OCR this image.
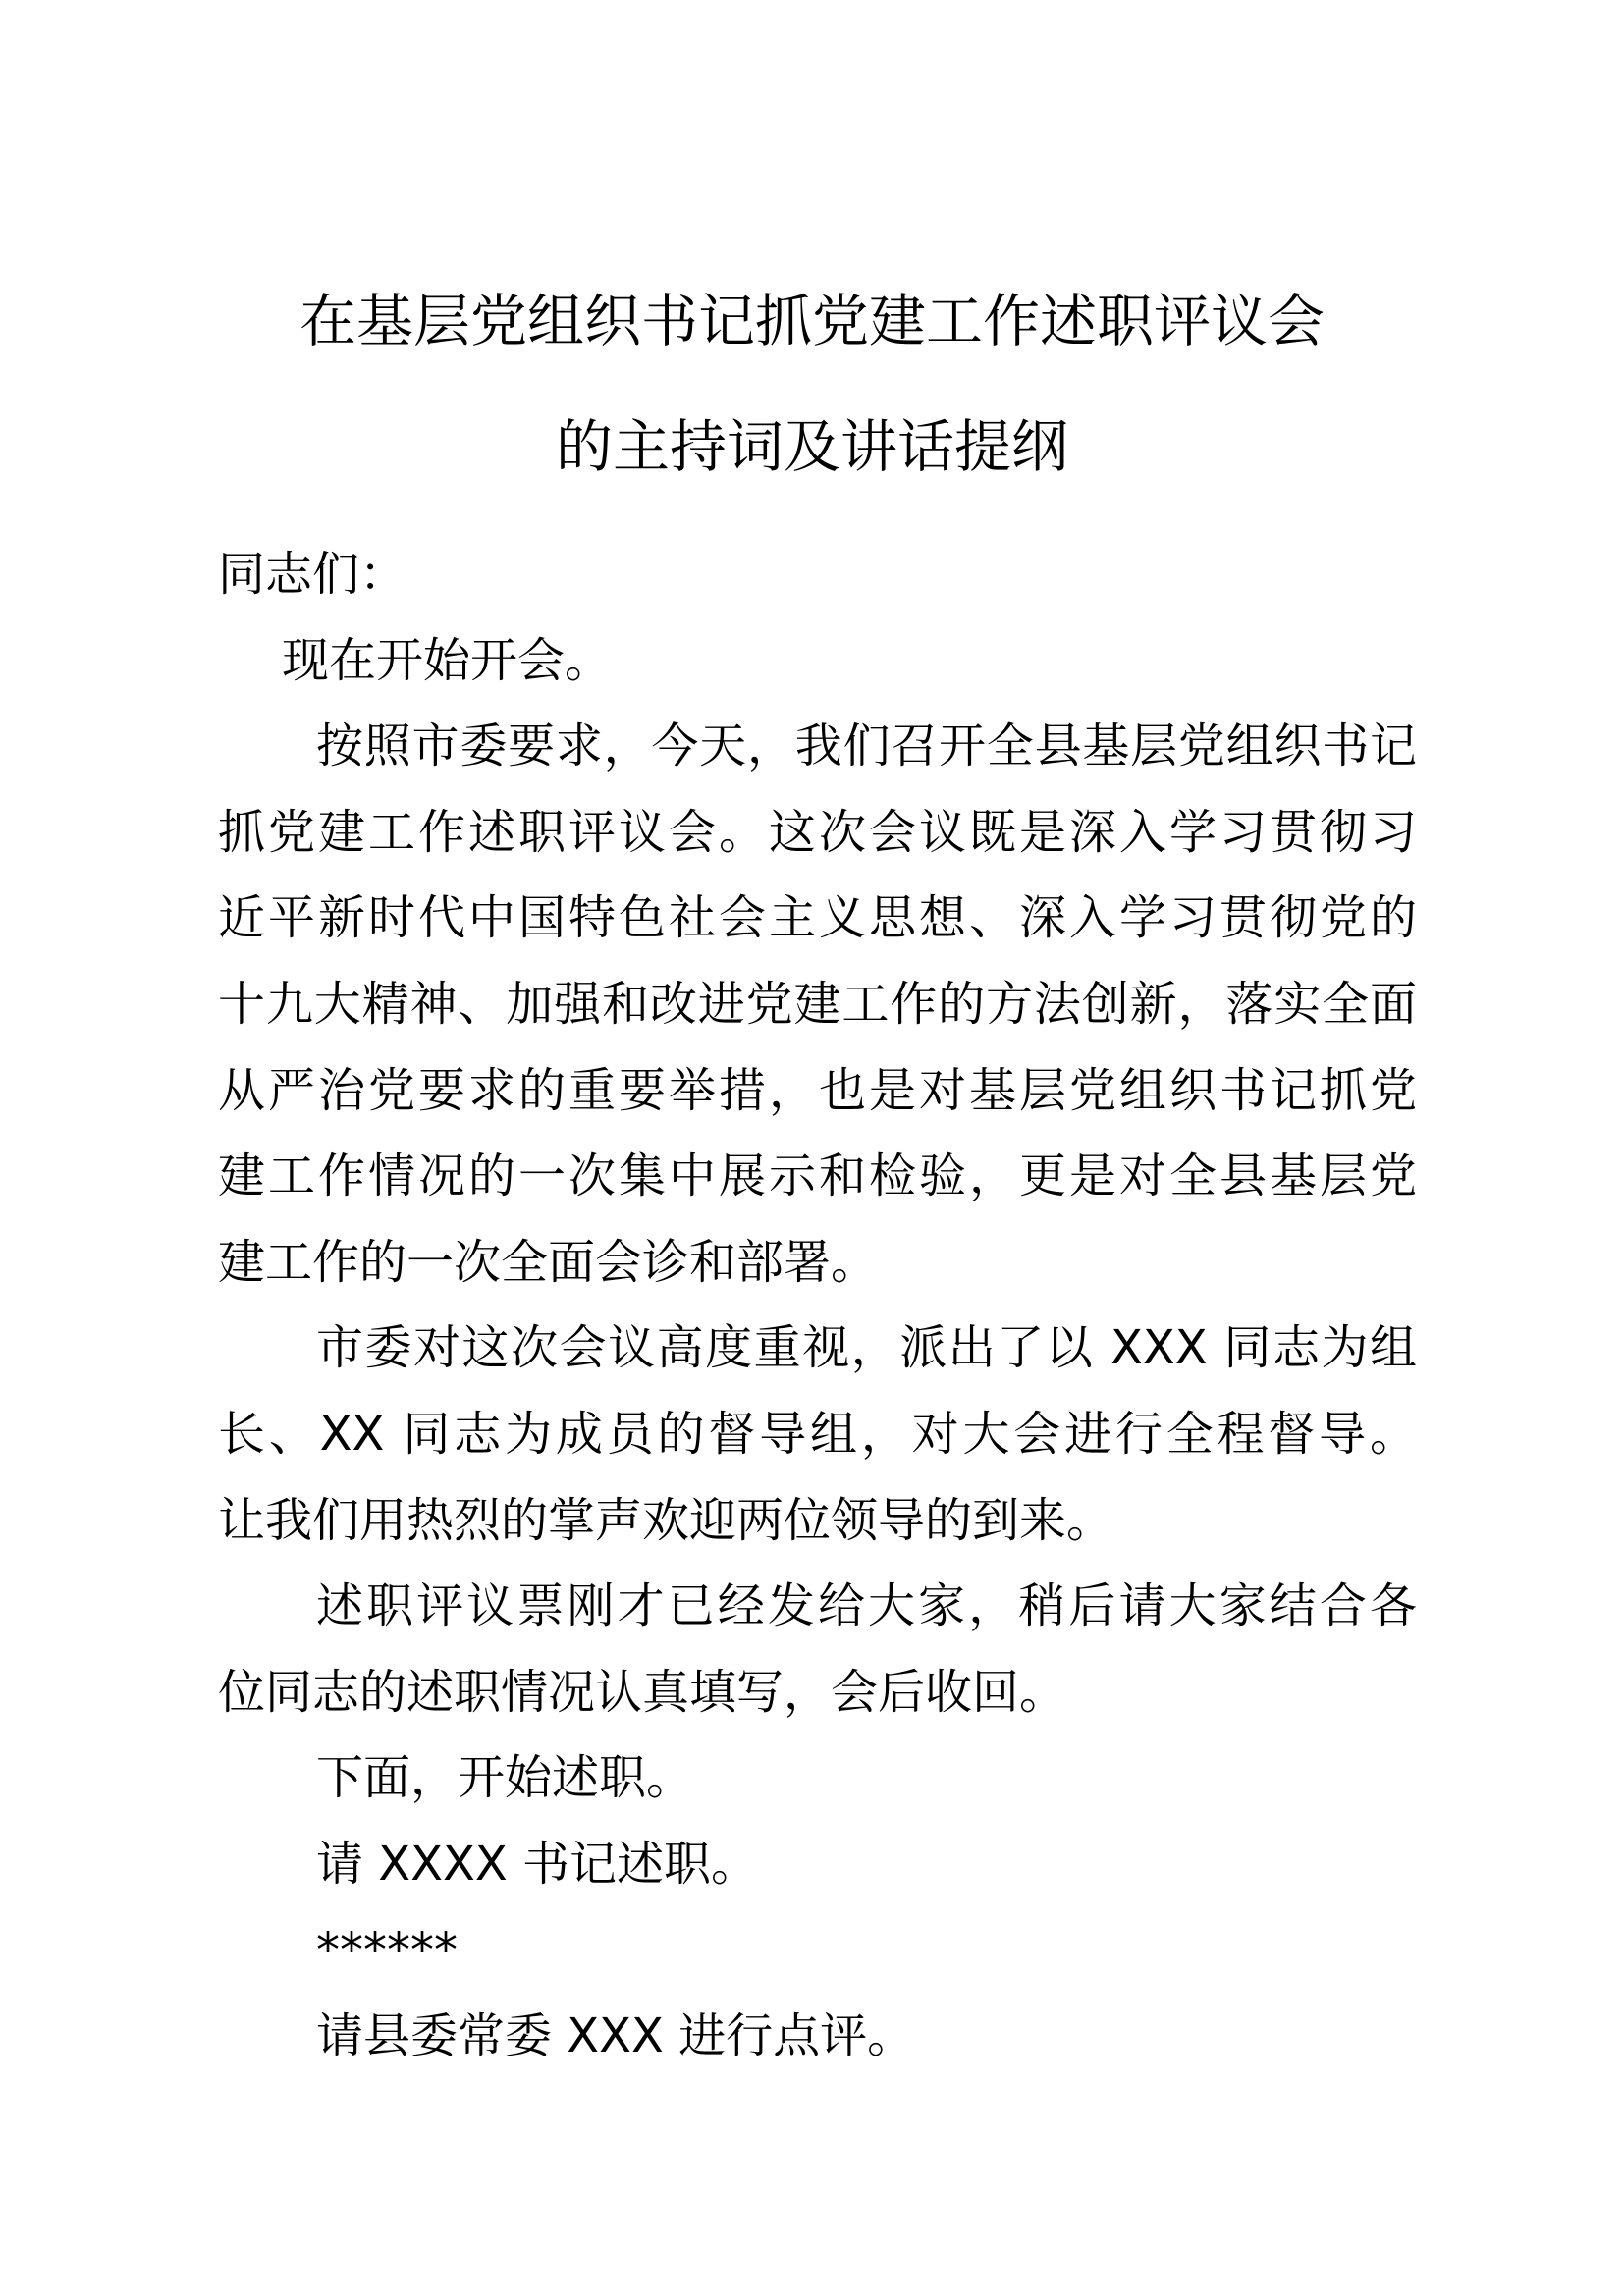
在基层党组织书记抓党建工作述职评议会
的主持词及讲话提纲
同志们：
现在开始开会。
按照市委要求，今天，我们召开全县基层党组织书记
抓党建工作述职评议会。这次会议既是深入学习贯彻习
近平新时代中国特色社会主义思想、深入学习贯彻党的
十九大精神、加强和改进党建工作的方法创新，落实全面
从严治党要求的重要举措，也是对基层党组织书记抓党
建工作情况的一次集中展示和检验，更是对全县基层党
建工作的一次全面会诊和部署。
市委对这次会议高度重视，派出了以 XXX 同志为组
长、XX 同志为成员的督导组，对大会进行全程督导。
让我们用热烈的掌声欢迎两位领导的到来。
述职评议票刚才已经发给大家，稍后请大家结合各
位同志的述职情况认真填写，会后收回。
下面，开始述职。
请 XXXX 书记述职。
******
请县委常委 XXX 进行点评。
